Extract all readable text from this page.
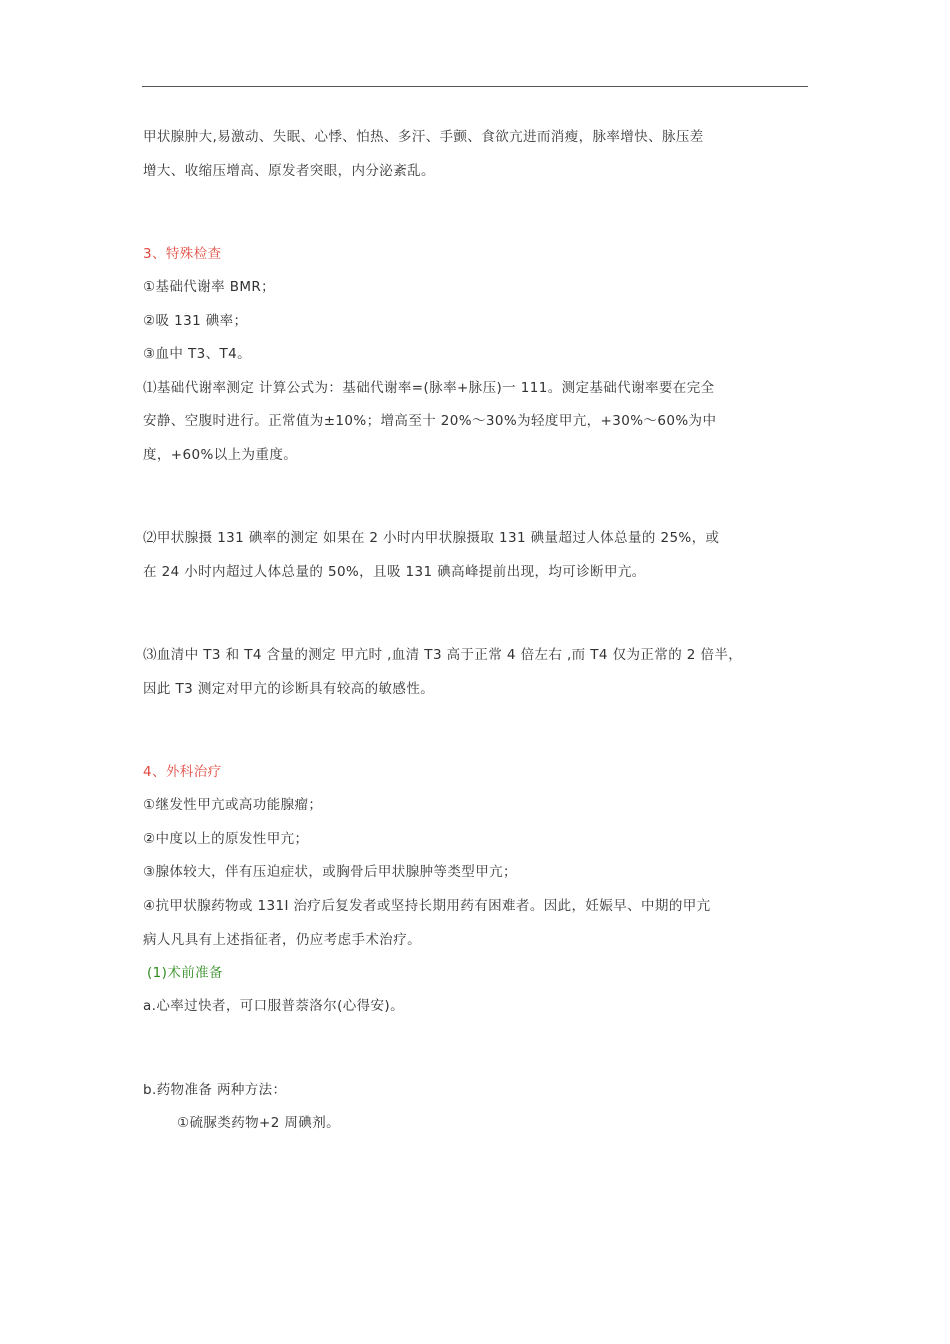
甲状腺肿大,易激动、失眠、心悸、怕热、多汗、手颤、食欲亢进而消瘦，脉率增快、脉压差
增大、收缩压增高、原发者突眼，内分泌紊乱。
3、特殊检查
①基础代谢率 BMR；
②吸 131 碘率；
③血中 T3、T4。
⑴基础代谢率测定 计算公式为：基础代谢率=(脉率+脉压)一 111。测定基础代谢率要在完全
安静、空腹时进行。正常值为±10%；增高至十 20%～30%为轻度甲亢，+30%～60%为中
度，+60%以上为重度。
⑵甲状腺摄 131 碘率的测定 如果在 2 小时内甲状腺摄取 131 碘量超过人体总量的 25%，或
在 24 小时内超过人体总量的 50%，且吸 131 碘高峰提前出现，均可诊断甲亢。
⑶血清中 T3 和 T4 含量的测定 甲亢时 ,血清 T3 高于正常 4 倍左右 ,而 T4 仅为正常的 2 倍半，
因此 T3 测定对甲亢的诊断具有较高的敏感性。
4、外科治疗
①继发性甲亢或高功能腺瘤；
②中度以上的原发性甲亢；
③腺体较大，伴有压迫症状，或胸骨后甲状腺肿等类型甲亢；
④抗甲状腺药物或 131I 治疗后复发者或坚持长期用药有困难者。因此，妊娠早、中期的甲亢
病人凡具有上述指征者，仍应考虑手术治疗。
(1)术前准备
a.心率过快者，可口服普萘洛尔(心得安)。
b.药物准备 两种方法：
①硫脲类药物+2 周碘剂。
